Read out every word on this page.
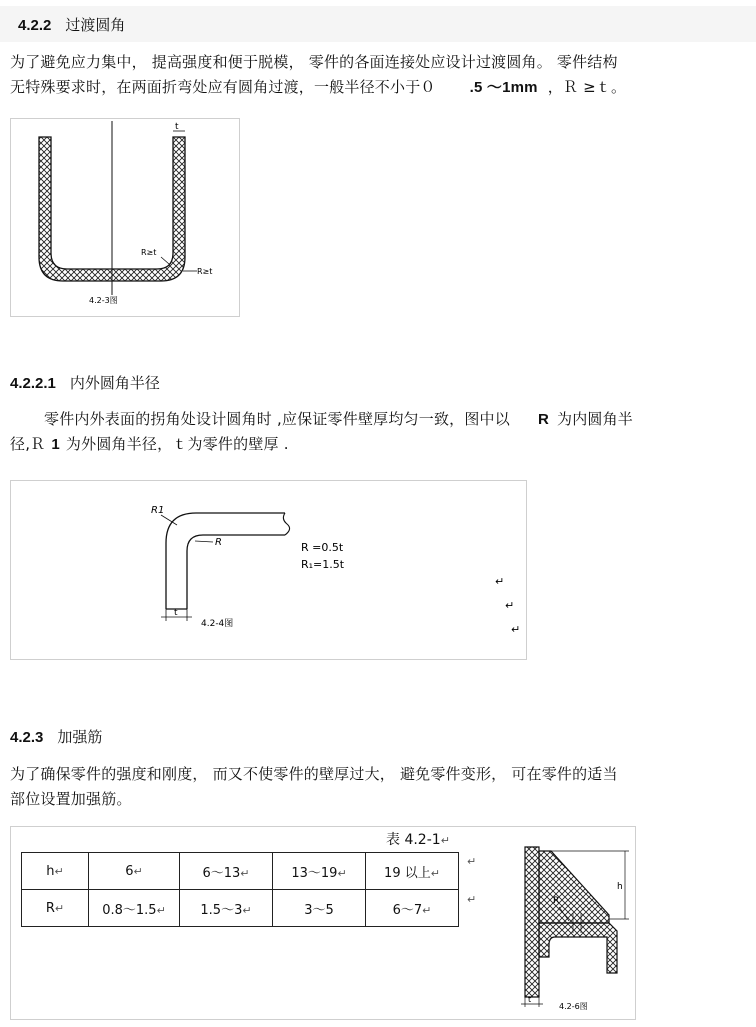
4.2.2 过渡圆角
为了避免应力集中， 提高强度和便于脱模， 零件的各面连接处应设计过渡圆角。 零件结构
无特殊要求时，在两面折弯处应有圆角过渡，一般半径不小于０ .5 ～1mm ，Ｒ ≥ｔ。
t
R≥t
R≥t
4.2-3图
4.2.2.1 内外圆角半径
零件内外表面的拐角处设计圆角时 ,应保证零件壁厚均匀一致，图中以 R 为内圆角半
径,Ｒ 1 为外圆角半径，ｔ为零件的壁厚 .
R1
R
t
4.2-4图
R =0.5t
R₁=1.5t
↵
↵
↵
4.2.3 加强筋
为了确保零件的强度和刚度， 而又不使零件的壁厚过大， 避免零件变形， 可在零件的适当
部位设置加强筋。
表 4.2-1↵
h↵	6↵	6～13↵	13～19↵	19 以上↵
R↵	0.8～1.5↵	1.5～3↵	3～5	6～7↵
↵
↵
h
R
t
4.2-6图
